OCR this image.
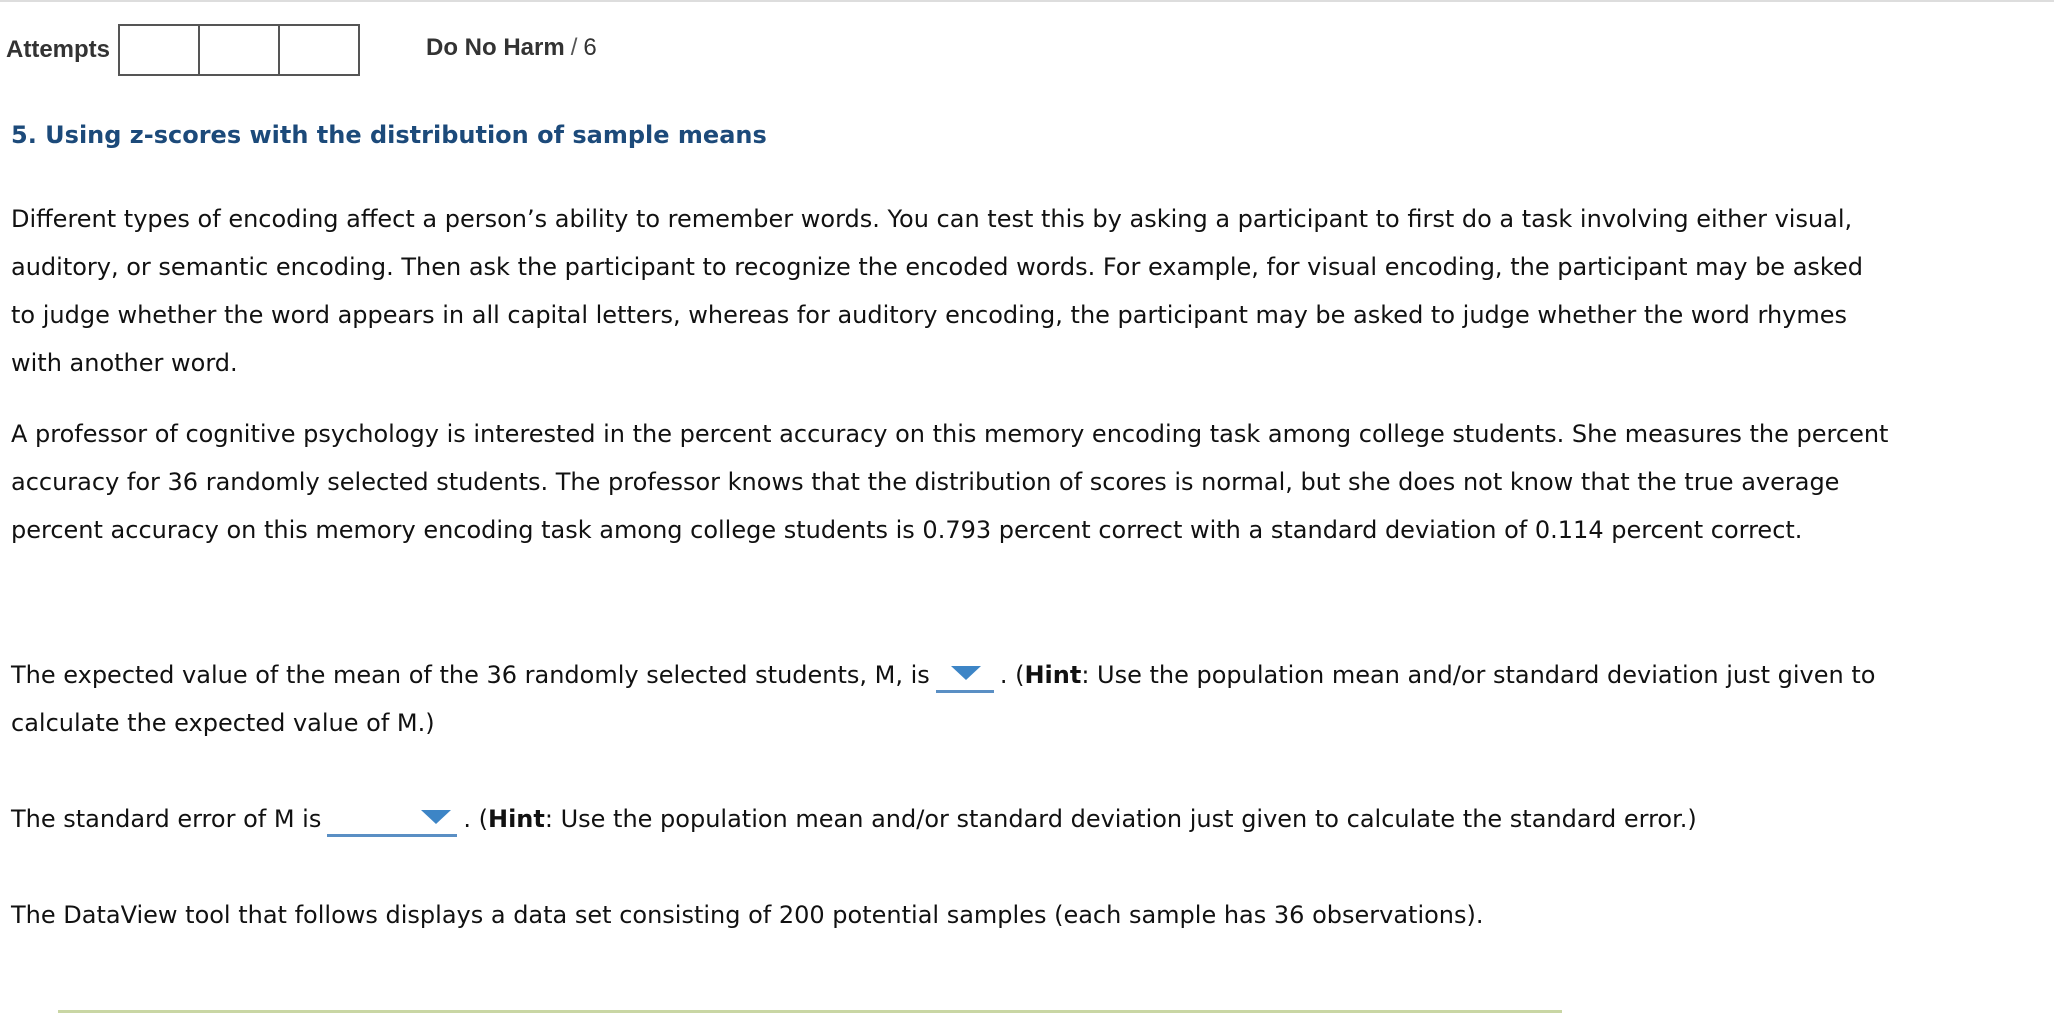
Attempts	Do No Harm / 6
5. Using z-scores with the distribution of sample means

Different types of encoding affect a person’s ability to remember words. You can test this by asking a participant to first do a task involving either visual, auditory, or semantic encoding. Then ask the participant to recognize the encoded words. For example, for visual encoding, the participant may be asked to judge whether the word appears in all capital letters, whereas for auditory encoding, the participant may be asked to judge whether the word rhymes with another word.

A professor of cognitive psychology is interested in the percent accuracy on this memory encoding task among college students. She measures the percent accuracy for 36 randomly selected students. The professor knows that the distribution of scores is normal, but she does not know that the true average percent accuracy on this memory encoding task among college students is 0.793 percent correct with a standard deviation of 0.114 percent correct.

The expected value of the mean of the 36 randomly selected students, M, is	. (Hint: Use the population mean and/or standard deviation just given to calculate the expected value of M.)

The standard error of M is	. (Hint: Use the population mean and/or standard deviation just given to calculate the standard error.)

The DataView tool that follows displays a data set consisting of 200 potential samples (each sample has 36 observations).
